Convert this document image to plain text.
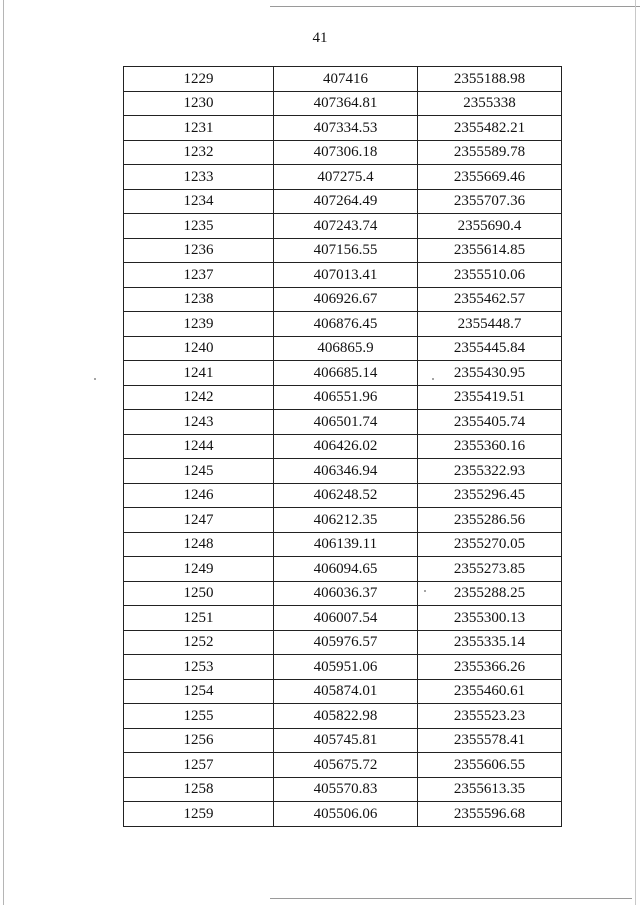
41
1229	407416	2355188.98
1230	407364.81	2355338
1231	407334.53	2355482.21
1232	407306.18	2355589.78
1233	407275.4	2355669.46
1234	407264.49	2355707.36
1235	407243.74	2355690.4
1236	407156.55	2355614.85
1237	407013.41	2355510.06
1238	406926.67	2355462.57
1239	406876.45	2355448.7
1240	406865.9	2355445.84
1241	406685.14	2355430.95
1242	406551.96	2355419.51
1243	406501.74	2355405.74
1244	406426.02	2355360.16
1245	406346.94	2355322.93
1246	406248.52	2355296.45
1247	406212.35	2355286.56
1248	406139.11	2355270.05
1249	406094.65	2355273.85
1250	406036.37	2355288.25
1251	406007.54	2355300.13
1252	405976.57	2355335.14
1253	405951.06	2355366.26
1254	405874.01	2355460.61
1255	405822.98	2355523.23
1256	405745.81	2355578.41
1257	405675.72	2355606.55
1258	405570.83	2355613.35
1259	405506.06	2355596.68
